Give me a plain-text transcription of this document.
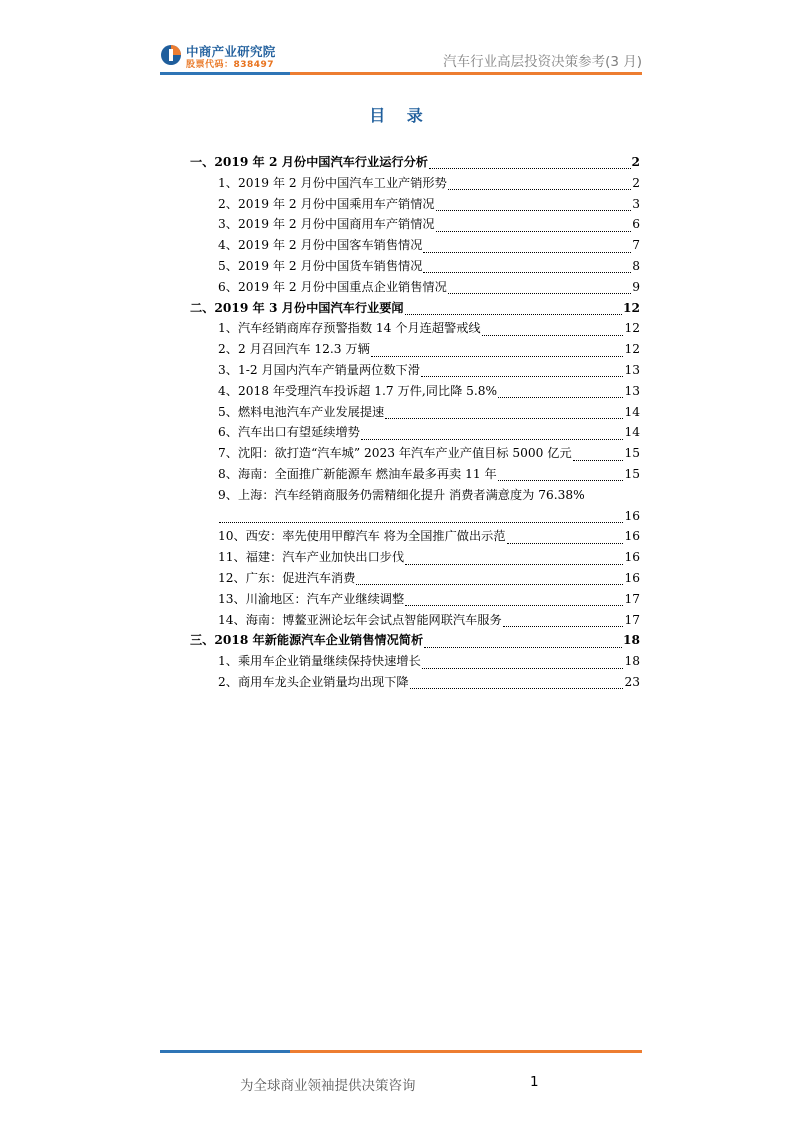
中商产业研究院
股票代码：838497	汽车行业高层投资决策参考(3 月)
目 录
一、2019 年 2 月份中国汽车行业运行分析	2
1、2019 年 2 月份中国汽车工业产销形势	2
2、2019 年 2 月份中国乘用车产销情况	3
3、2019 年 2 月份中国商用车产销情况	6
4、2019 年 2 月份中国客车销售情况	7
5、2019 年 2 月份中国货车销售情况	8
6、2019 年 2 月份中国重点企业销售情况	9
二、2019 年 3 月份中国汽车行业要闻	12
1、汽车经销商库存预警指数 14 个月连超警戒线	12
2、2 月召回汽车 12.3 万辆	12
3、1-2 月国内汽车产销量两位数下滑	13
4、2018 年受理汽车投诉超 1.7 万件,同比降 5.8%	13
5、燃料电池汽车产业发展提速	14
6、汽车出口有望延续增势	14
7、沈阳：欲打造“汽车城” 2023 年汽车产业产值目标 5000 亿元	15
8、海南：全面推广新能源车 燃油车最多再卖 11 年	15
9、上海：汽车经销商服务仍需精细化提升 消费者满意度为 76.38%
16
10、西安：率先使用甲醇汽车 将为全国推广做出示范	16
11、福建：汽车产业加快出口步伐	16
12、广东：促进汽车消费	16
13、川渝地区：汽车产业继续调整	17
14、海南：博鳌亚洲论坛年会试点智能网联汽车服务	17
三、2018 年新能源汽车企业销售情况简析	18
1、乘用车企业销量继续保持快速增长	18
2、商用车龙头企业销量均出现下降	23
为全球商业领袖提供决策咨询	1
